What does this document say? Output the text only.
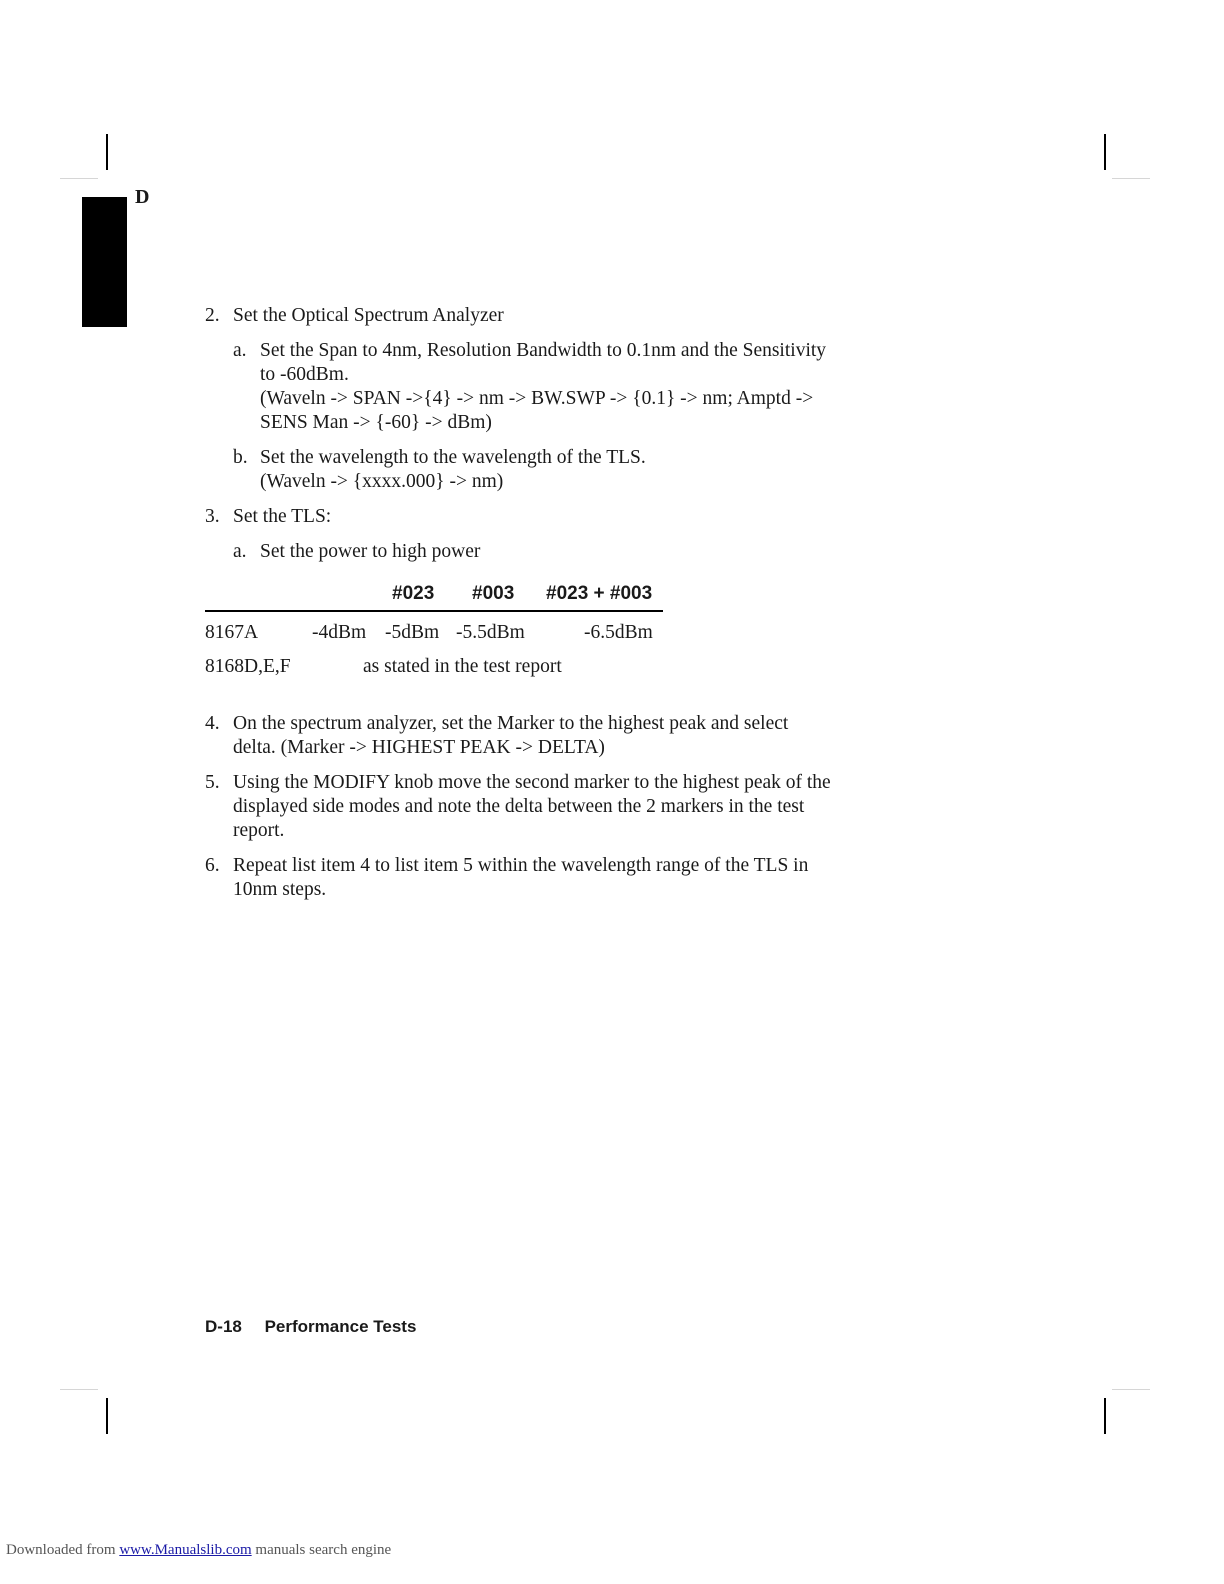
D
2. Set the Optical Spectrum Analyzer
a. Set the Span to 4nm, Resolution Bandwidth to 0.1nm and the Sensitivity
to -60dBm.
(Waveln -> SPAN ->{4} -> nm -> BW.SWP -> {0.1} -> nm; Amptd ->
SENS Man -> {-60} -> dBm)
b. Set the wavelength to the wavelength of the TLS.
(Waveln -> {xxxx.000} -> nm)
3. Set the TLS:
a. Set the power to high power
#023 #003 #023 + #003
8167A	-4dBm -5dBm -5.5dBm	-6.5dBm
8168D,E,F	as stated in the test report
4. On the spectrum analyzer, set the Marker to the highest peak and select
delta. (Marker -> HIGHEST PEAK -> DELTA)
5. Using the MODIFY knob move the second marker to the highest peak of the
displayed side modes and note the delta between the 2 markers in the test
report.
6. Repeat list item 4 to list item 5 within the wavelength range of the TLS in
10nm steps.
D-18 Performance Tests
Downloaded from www.Manualslib.com manuals search engine
